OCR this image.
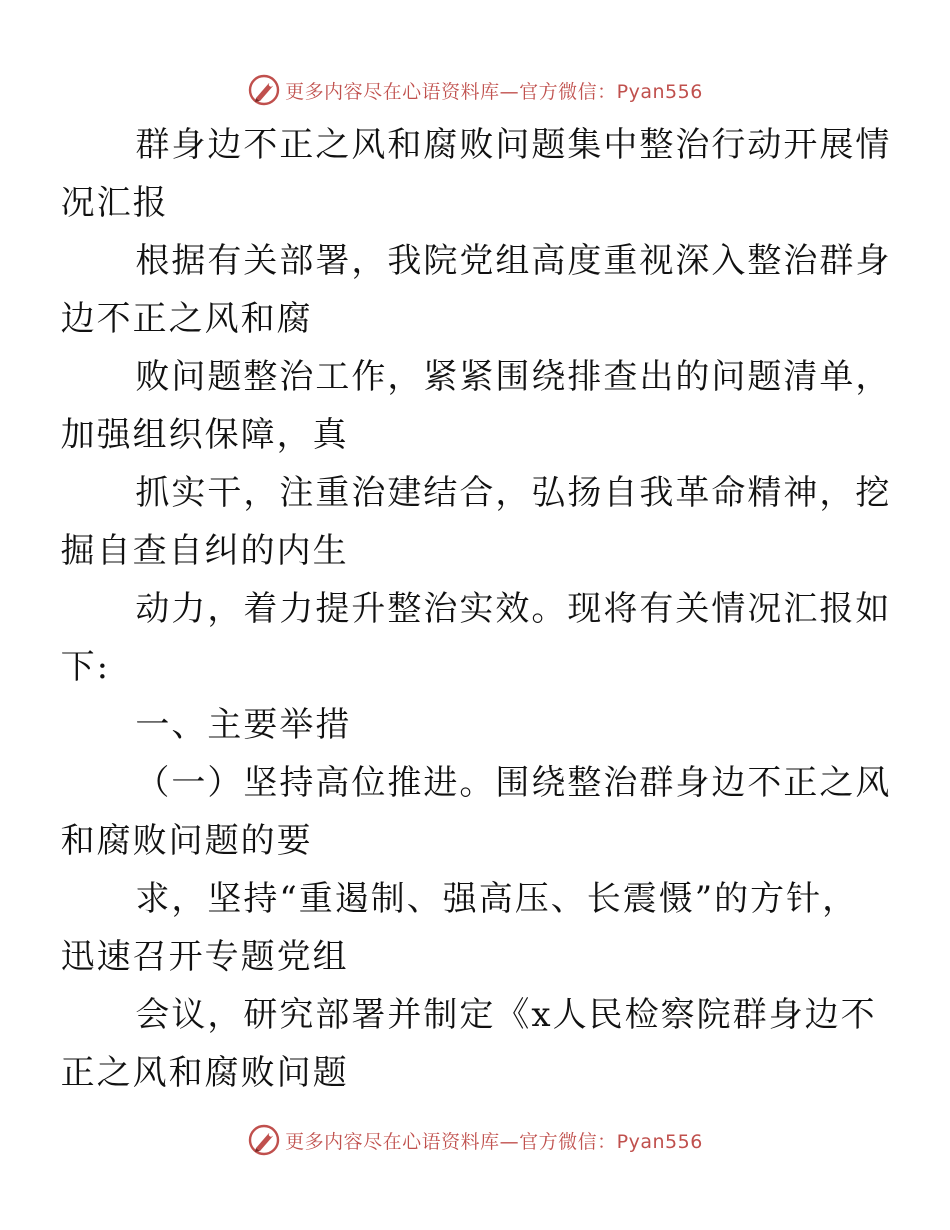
更多内容尽在心语资料库—官方微信：Pyan556

群身边不正之风和腐败问题集中整治行动开展情
况汇报

根据有关部署，我院党组高度重视深入整治群身
边不正之风和腐

败问题整治工作，紧紧围绕排查出的问题清单，
加强组织保障，真

抓实干，注重治建结合，弘扬自我革命精神，挖
掘自查自纠的内生

动力，着力提升整治实效。现将有关情况汇报如
下:

一、主要举措

（一）坚持高位推进。围绕整治群身边不正之风
和腐败问题的要

求，坚持“重遏制、强高压、长震慑”的方针，
迅速召开专题党组

会议，研究部署并制定《x人民检察院群身边不
正之风和腐败问题

更多内容尽在心语资料库—官方微信：Pyan556
